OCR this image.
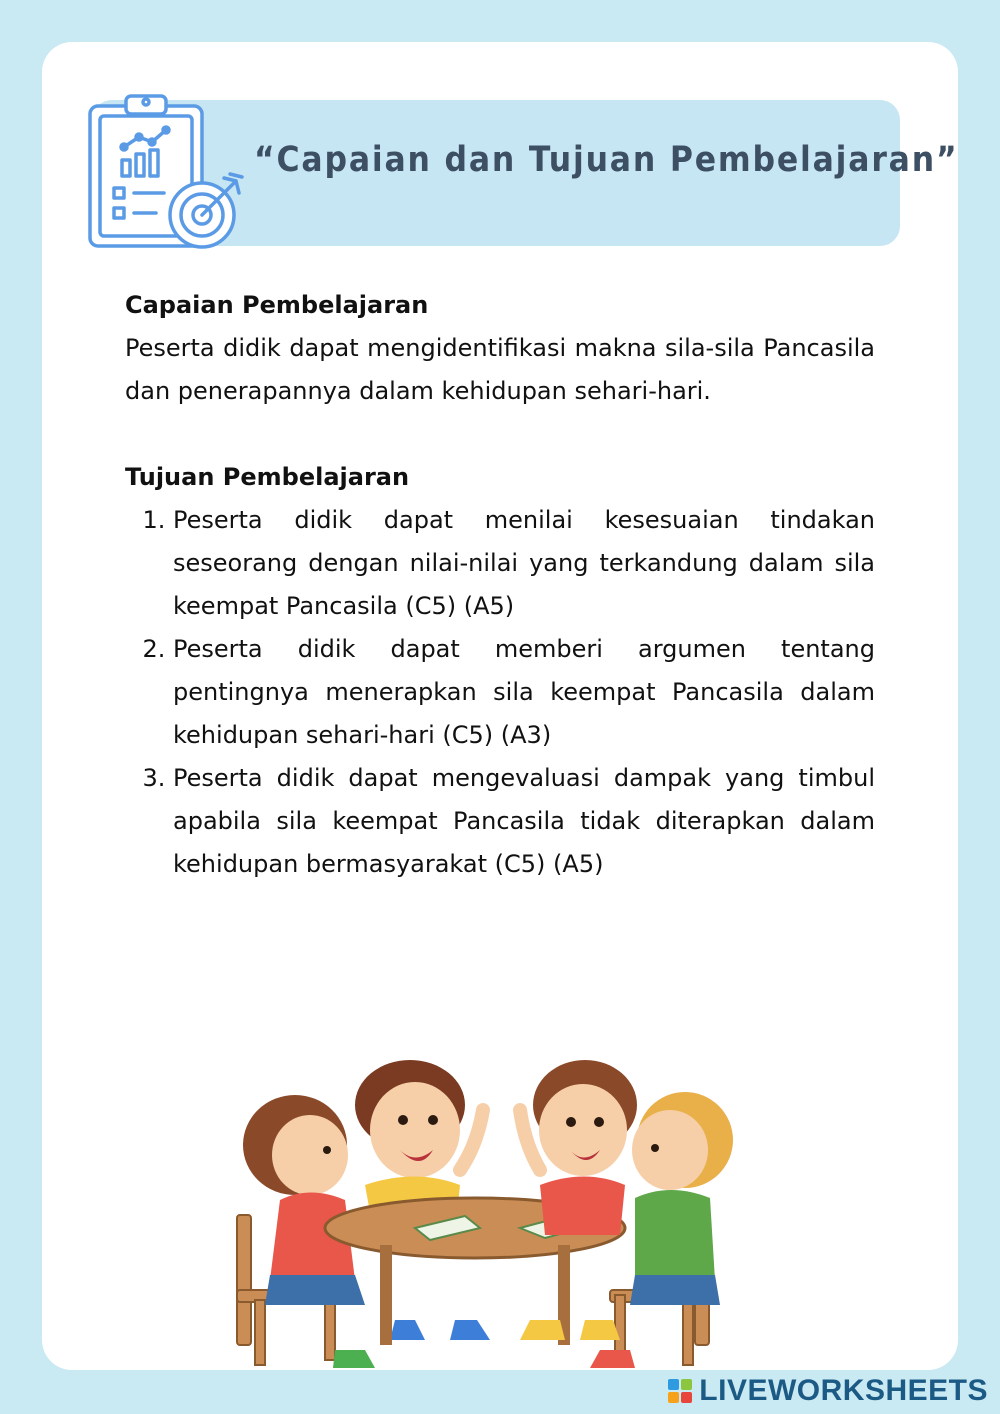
“Capaian dan Tujuan Pembelajaran”
Capaian Pembelajaran

Peserta didik dapat mengidentifikasi makna sila-sila Pancasila dan penerapannya dalam kehidupan sehari-hari.

Tujuan Pembelajaran
1. Peserta didik dapat menilai kesesuaian tindakan seseorang dengan nilai-nilai yang terkandung dalam sila keempat Pancasila (C5) (A5)
2. Peserta didik dapat memberi argumen tentang pentingnya menerapkan sila keempat Pancasila dalam kehidupan sehari-hari (C5) (A3)
3. Peserta didik dapat mengevaluasi dampak yang timbul apabila sila keempat Pancasila tidak diterapkan dalam kehidupan bermasyarakat (C5) (A5)
LIVEWORKSHEETS
